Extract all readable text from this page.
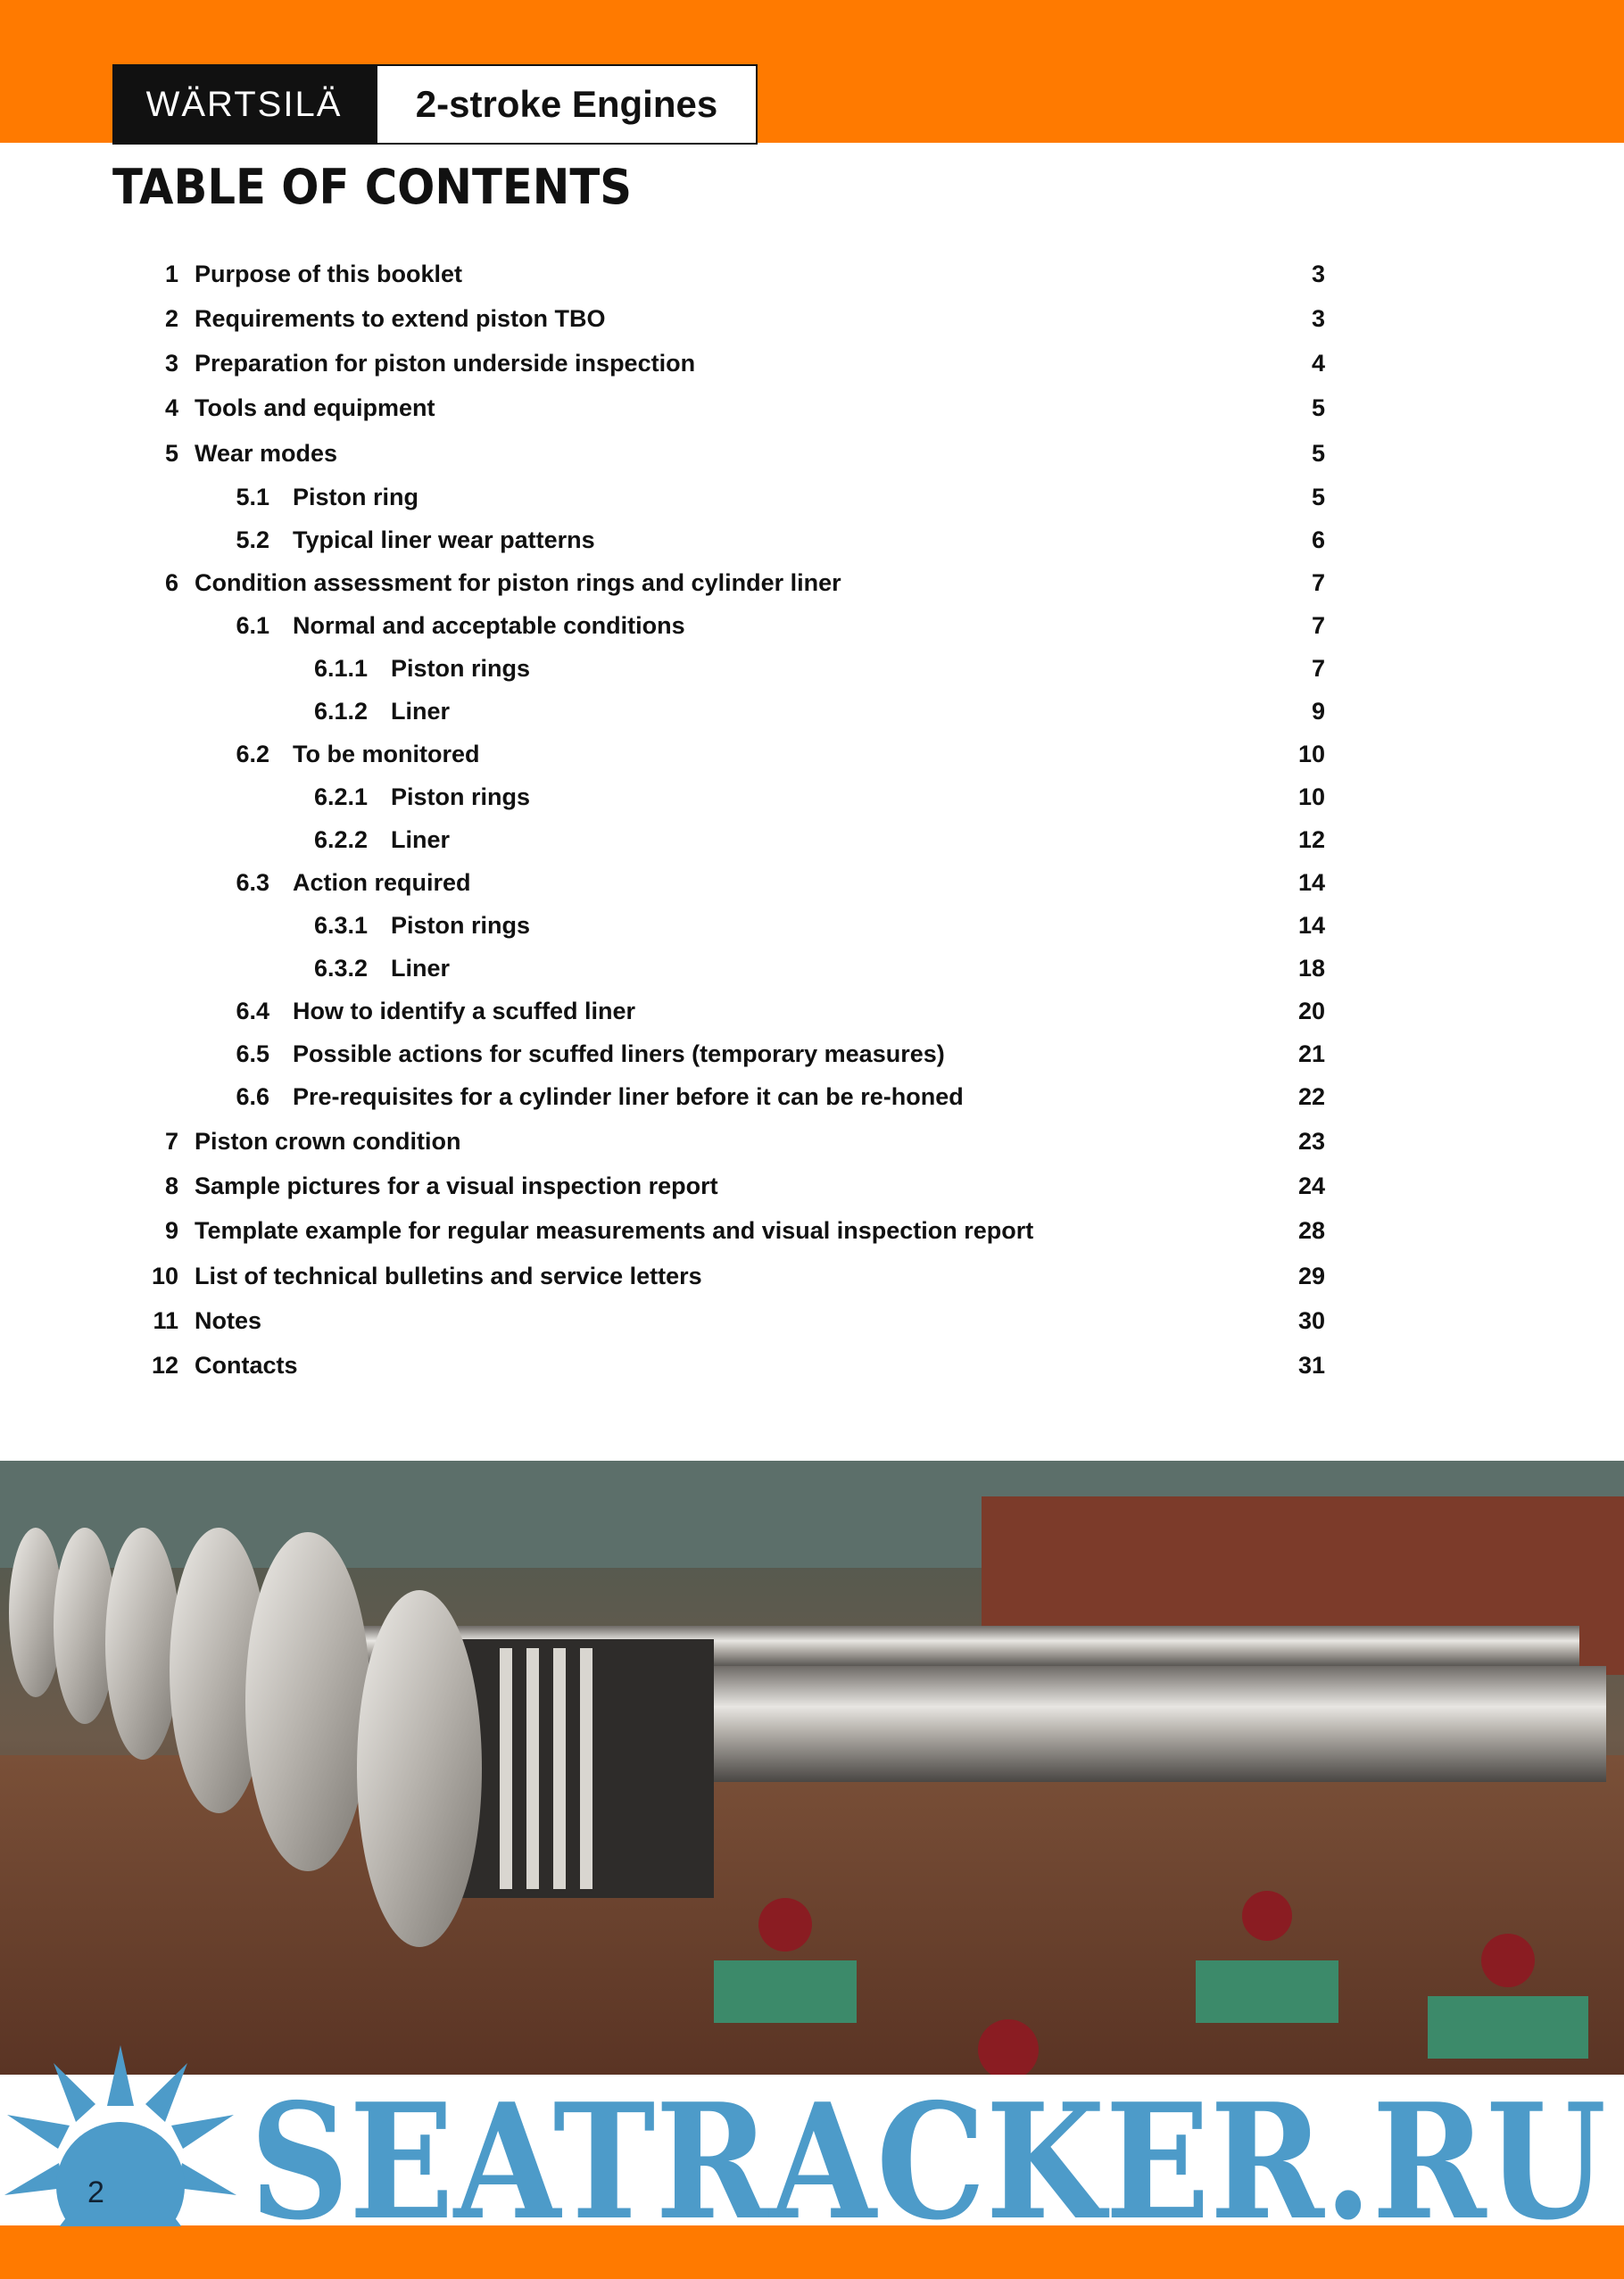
WÄRTSILÄ 2-stroke Engines
TABLE OF CONTENTS
1 Purpose of this booklet	3
2 Requirements to extend piston TBO	3
3 Preparation for piston underside inspection	4
4 Tools and equipment	5
5 Wear modes	5
5.1 Piston ring	5
5.2 Typical liner wear patterns	6
6 Condition assessment for piston rings and cylinder liner	7
6.1 Normal and acceptable conditions	7
6.1.1 Piston rings	7
6.1.2 Liner	9
6.2 To be monitored	10
6.2.1 Piston rings	10
6.2.2 Liner	12
6.3 Action required	14
6.3.1 Piston rings	14
6.3.2 Liner	18
6.4 How to identify a scuffed liner	20
6.5 Possible actions for scuffed liners (temporary measures)	21
6.6 Pre-requisites for a cylinder liner before it can be re-honed	22
7 Piston crown condition	23
8 Sample pictures for a visual inspection report	24
9 Template example for regular measurements and visual inspection report	28
10 List of technical bulletins and service letters	29
11 Notes	30
12 Contacts	31
SEATRACKER.RU
2
